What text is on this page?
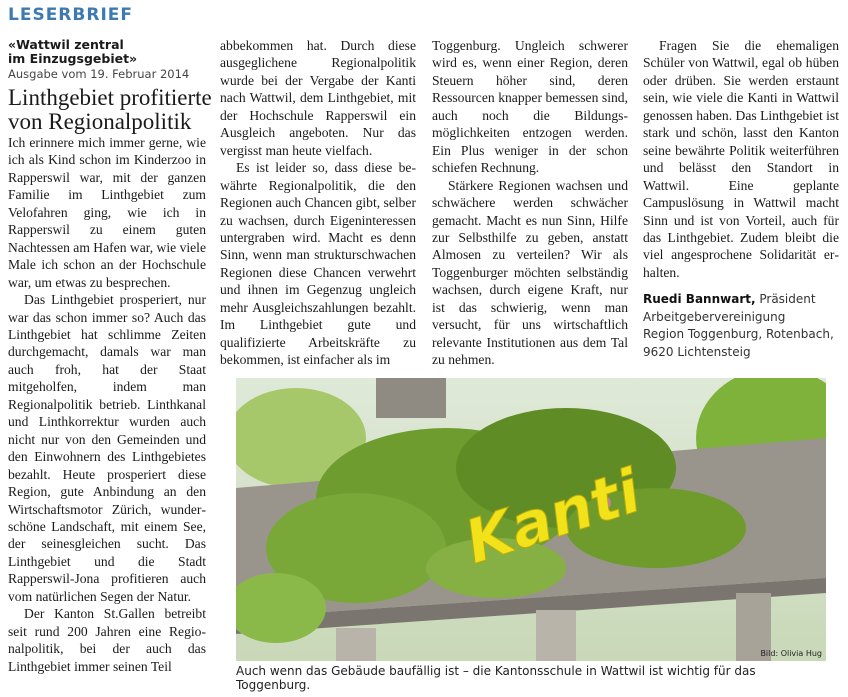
LESERBRIEF
«Wattwil zentral
im Einzugsgebiet»
Ausgabe vom 19. Februar 2014
Linthgebiet profitierte von Regionalpolitik

Ich erinnere mich immer gerne, wie ich als Kind schon im Kinderzoo in Rapperswil war, mit der ganzen Familie im Linthgebiet zum Velofahren ging, wie ich in Rapperswil zu einem guten Nachtessen am Hafen war, wie viele Male ich schon an der Hochschule war, um etwas zu besprechen.

Das Linthgebiet prosperiert, nur war das schon immer so? Auch das Linthgebiet hat schlimme Zeiten durchgemacht, damals war man auch froh, hat der Staat mitgeholfen, indem man Regionalpolitik betrieb. Linthkanal und Linthkorrektur wurden auch nicht nur von den Gemeinden und den Einwohnern des Linthgebietes bezahlt. Heute prosperiert diese Region, gute Anbindung an den Wirtschaftsmotor Zürich, wunderschöne Landschaft, mit einem See, der seinesgleichen sucht. Das Linthgebiet und die Stadt Rapperswil-Jona profitieren auch vom natürlichen Segen der Natur.

Der Kanton St.Gallen betreibt seit rund 200 Jahren eine Regionalpolitik, bei der auch das Linthgebiet immer seinen Teil

abbekommen hat. Durch diese ausgeglichene Regionalpolitik wurde bei der Vergabe der Kanti nach Wattwil, dem Linthgebiet, mit der Hochschule Rapperswil ein Ausgleich angeboten. Nur das vergisst man heute vielfach.

Es ist leider so, dass diese bewährte Regionalpolitik, die den Regionen auch Chancen gibt, selber zu wachsen, durch Eigeninteressen untergraben wird. Macht es denn Sinn, wenn man strukturschwachen Regionen diese Chancen verwehrt und ihnen im Gegenzug ungleich mehr Ausgleichszahlungen bezahlt. Im Linthgebiet gute und qualifizierte Arbeitskräfte zu bekommen, ist einfacher als im

Toggenburg. Ungleich schwerer wird es, wenn einer Region, deren Steuern höher sind, deren Ressourcen knapper bemessen sind, auch noch die Bildungsmöglichkeiten entzogen werden. Ein Plus weniger in der schon schiefen Rechnung.

Stärkere Regionen wachsen und schwächere werden schwächer gemacht. Macht es nun Sinn, Hilfe zur Selbsthilfe zu geben, anstatt Almosen zu verteilen? Wir als Toggenburger möchten selbständig wachsen, durch eigene Kraft, nur ist das schwierig, wenn man versucht, für uns wirtschaftlich relevante Institutionen aus dem Tal zu nehmen.

Fragen Sie die ehemaligen Schüler von Wattwil, egal ob hüben oder drüben. Sie werden erstaunt sein, wie viele die Kanti in Wattwil genossen haben. Das Linthgebiet ist stark und schön, lasst den Kanton seine bewährte Politik weiterführen und belässt den Standort in Wattwil. Eine geplante Campuslösung in Wattwil macht Sinn und ist von Vorteil, auch für das Linthgebiet. Zudem bleibt die viel angesprochene Solidarität erhalten.

Ruedi Bannwart, Präsident
Arbeitgebervereinigung
Region Toggenburg, Rotenbach,
9620 Lichtensteig

Kanti
Bild: Olivia Hug
Auch wenn das Gebäude baufällig ist – die Kantonsschule in Wattwil ist wichtig für das Toggenburg.
